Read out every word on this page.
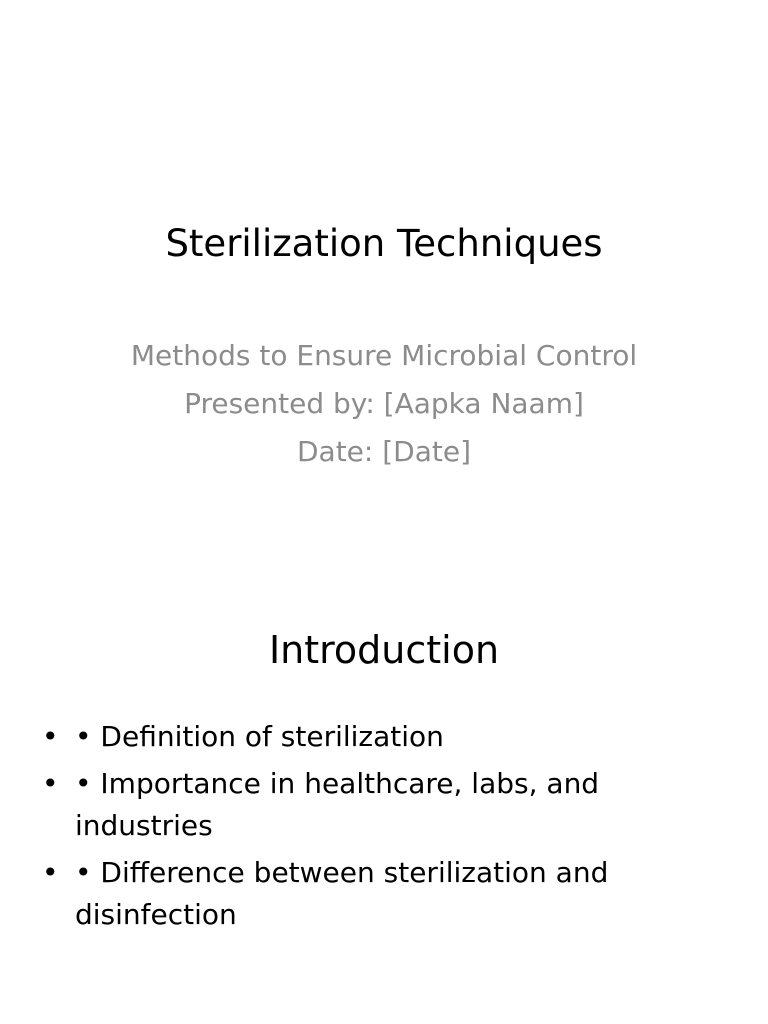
Sterilization Techniques
Methods to Ensure Microbial Control
Presented by: [Aapka Naam]
Date: [Date]
Introduction
• • Definition of sterilization
• • Importance in healthcare, labs, and industries
• • Difference between sterilization and disinfection
